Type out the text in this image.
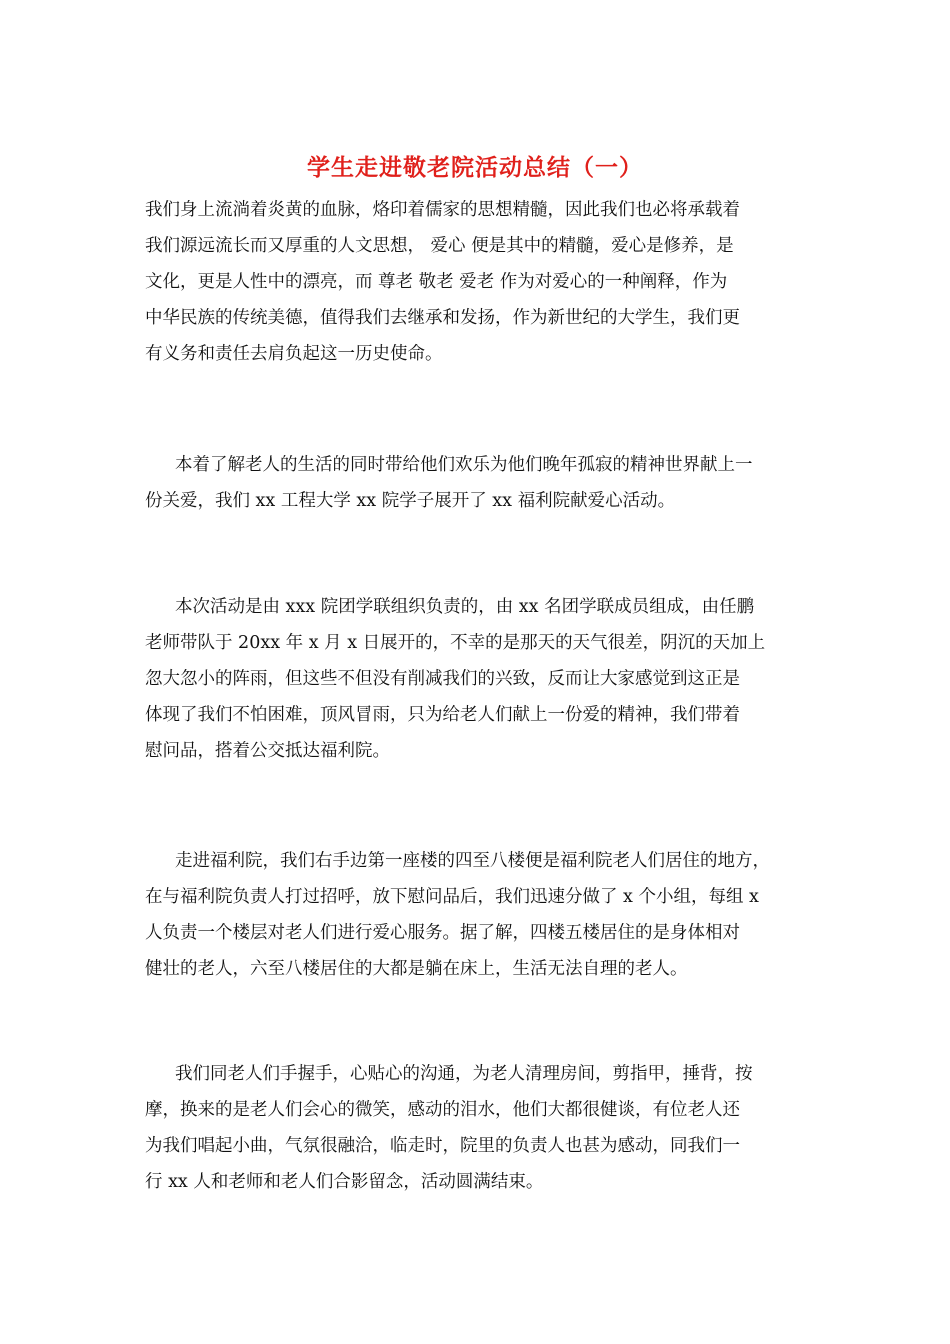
学生走进敬老院活动总结（一）
我们身上流淌着炎黄的血脉，烙印着儒家的思想精髓，因此我们也必将承载着
我们源远流长而又厚重的人文思想， 爱心 便是其中的精髓，爱心是修养，是
文化，更是人性中的漂亮，而 尊老 敬老 爱老 作为对爱心的一种阐释，作为
中华民族的传统美德，值得我们去继承和发扬，作为新世纪的大学生，我们更
有义务和责任去肩负起这一历史使命。
本着了解老人的生活的同时带给他们欢乐为他们晚年孤寂的精神世界献上一
份关爱，我们 xx 工程大学 xx 院学子展开了 xx 福利院献爱心活动。
本次活动是由 xxx 院团学联组织负责的，由 xx 名团学联成员组成，由任鹏
老师带队于 20xx 年 x 月 x 日展开的，不幸的是那天的天气很差，阴沉的天加上
忽大忽小的阵雨，但这些不但没有削减我们的兴致，反而让大家感觉到这正是
体现了我们不怕困难，顶风冒雨，只为给老人们献上一份爱的精神，我们带着
慰问品，搭着公交抵达福利院。
走进福利院，我们右手边第一座楼的四至八楼便是福利院老人们居住的地方，
在与福利院负责人打过招呼，放下慰问品后，我们迅速分做了 x 个小组，每组 x
人负责一个楼层对老人们进行爱心服务。据了解，四楼五楼居住的是身体相对
健壮的老人，六至八楼居住的大都是躺在床上，生活无法自理的老人。
我们同老人们手握手，心贴心的沟通，为老人清理房间，剪指甲，捶背，按
摩，换来的是老人们会心的微笑，感动的泪水，他们大都很健谈，有位老人还
为我们唱起小曲，气氛很融洽，临走时，院里的负责人也甚为感动，同我们一
行 xx 人和老师和老人们合影留念，活动圆满结束。
